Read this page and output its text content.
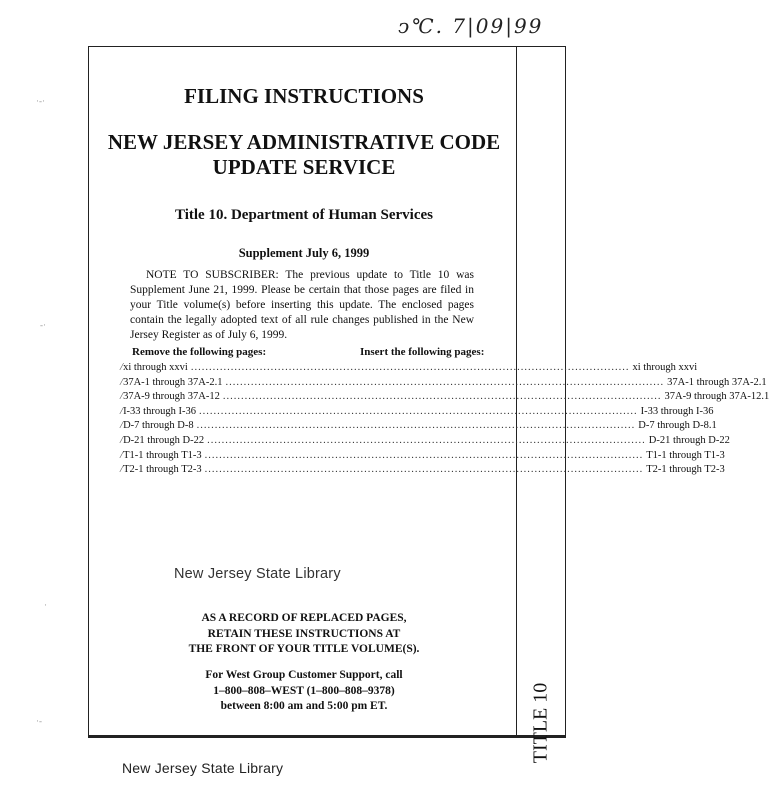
ↄ℃. 7|09|99
TITLE 10
FILING INSTRUCTIONS
NEW JERSEY ADMINISTRATIVE CODE
UPDATE SERVICE
Title 10. Department of Human Services
Supplement July 6, 1999
NOTE TO SUBSCRIBER: The previous update to Title 10 was Supplement June 21, 1999. Please be certain that those pages are filed in your Title volume(s) before inserting this update. The enclosed pages contain the legally adopted text of all rule changes published in the New Jersey Register as of July 6, 1999.
Remove the following pages:	Insert the following pages:
/ xi through xxvi ......................................................................................................................... xi through xxvi
/ 37A-1 through 37A-2.1 ......................................................................................................................... 37A-1 through 37A-2.1
/ 37A-9 through 37A-12 ......................................................................................................................... 37A-9 through 37A-12.1
/ I-33 through I-36 ......................................................................................................................... I-33 through I-36
/ D-7 through D-8 ......................................................................................................................... D-7 through D-8.1
/ D-21 through D-22 ......................................................................................................................... D-21 through D-22
/ T1-1 through T1-3 ......................................................................................................................... T1-1 through T1-3
/ T2-1 through T2-3 ......................................................................................................................... T2-1 through T2-3
New Jersey State Library
AS A RECORD OF REPLACED PAGES,
RETAIN THESE INSTRUCTIONS AT
THE FRONT OF YOUR TITLE VOLUME(S).
For West Group Customer Support, call
1–800–808–WEST (1–800–808–9378)
between 8:00 am and 5:00 pm ET.
New Jersey State Library
·-·
-·
·
·-
